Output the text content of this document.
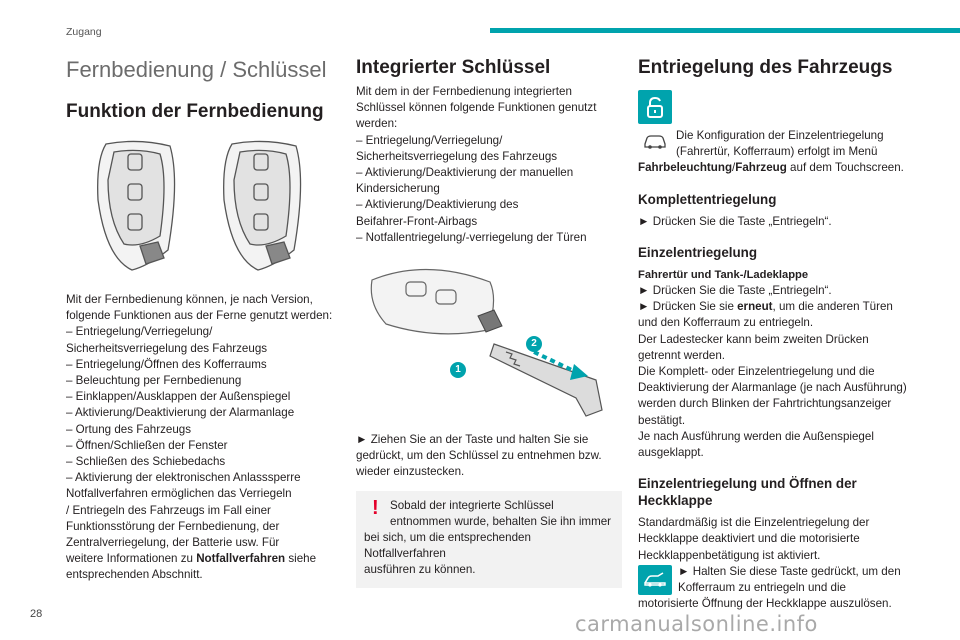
Zugang
Fernbedienung / Schlüssel
Funktion der Fernbedienung
Mit der Fernbedienung können, je nach Version,
folgende Funktionen aus der Ferne genutzt werden:
– Entriegelung/Verriegelung/
Sicherheitsverriegelung des Fahrzeugs
– Entriegelung/Öffnen des Kofferraums
– Beleuchtung per Fernbedienung
– Einklappen/Ausklappen der Außenspiegel
– Aktivierung/Deaktivierung der Alarmanlage
– Ortung des Fahrzeugs
– Öffnen/Schließen der Fenster
– Schließen des Schiebedachs
– Aktivierung der elektronischen Anlasssperre
Notfallverfahren ermöglichen das Verriegeln
/ Entriegeln des Fahrzeugs im Fall einer
Funktionsstörung der Fernbedienung, der
Zentralverriegelung, der Batterie usw. Für
weitere Informationen zu Notfallverfahren siehe
entsprechenden Abschnitt.
Integrierter Schlüssel
Mit dem in der Fernbedienung integrierten
Schlüssel können folgende Funktionen genutzt
werden:
– Entriegelung/Verriegelung/
Sicherheitsverriegelung des Fahrzeugs
– Aktivierung/Deaktivierung der manuellen
Kindersicherung
– Aktivierung/Deaktivierung des
Beifahrer-Front-Airbags
– Notfallentriegelung/-verriegelung der Türen
1
2
► Ziehen Sie an der Taste und halten Sie sie
gedrückt, um den Schlüssel zu entnehmen bzw.
wieder einzustecken.
! Sobald der integrierte Schlüssel
entnommen wurde, behalten Sie ihn immer
bei sich, um die entsprechenden Notfallverfahren
ausführen zu können.
Entriegelung des Fahrzeugs
Die Konfiguration der Einzelentriegelung
(Fahrertür, Kofferraum) erfolgt im Menü
Fahrbeleuchtung/Fahrzeug auf dem Touchscreen.
Komplettentriegelung
► Drücken Sie die Taste „Entriegeln“.
Einzelentriegelung
Fahrertür und Tank-/Ladeklappe
► Drücken Sie die Taste „Entriegeln“.
► Drücken Sie sie erneut, um die anderen Türen
und den Kofferraum zu entriegeln.
Der Ladestecker kann beim zweiten Drücken
getrennt werden.
Die Komplett- oder Einzelentriegelung und die
Deaktivierung der Alarmanlage (je nach Ausführung)
werden durch Blinken der Fahrtrichtungsanzeiger
bestätigt.
Je nach Ausführung werden die Außenspiegel
ausgeklappt.
Einzelentriegelung und Öffnen der
Heckklappe
Standardmäßig ist die Einzelentriegelung der
Heckklappe deaktiviert und die motorisierte
Heckklappenbetätigung ist aktiviert.
► Halten Sie diese Taste gedrückt, um den
Kofferraum zu entriegeln und die
motorisierte Öffnung der Heckklappe auszulösen.
28	carmanualsonline.info
